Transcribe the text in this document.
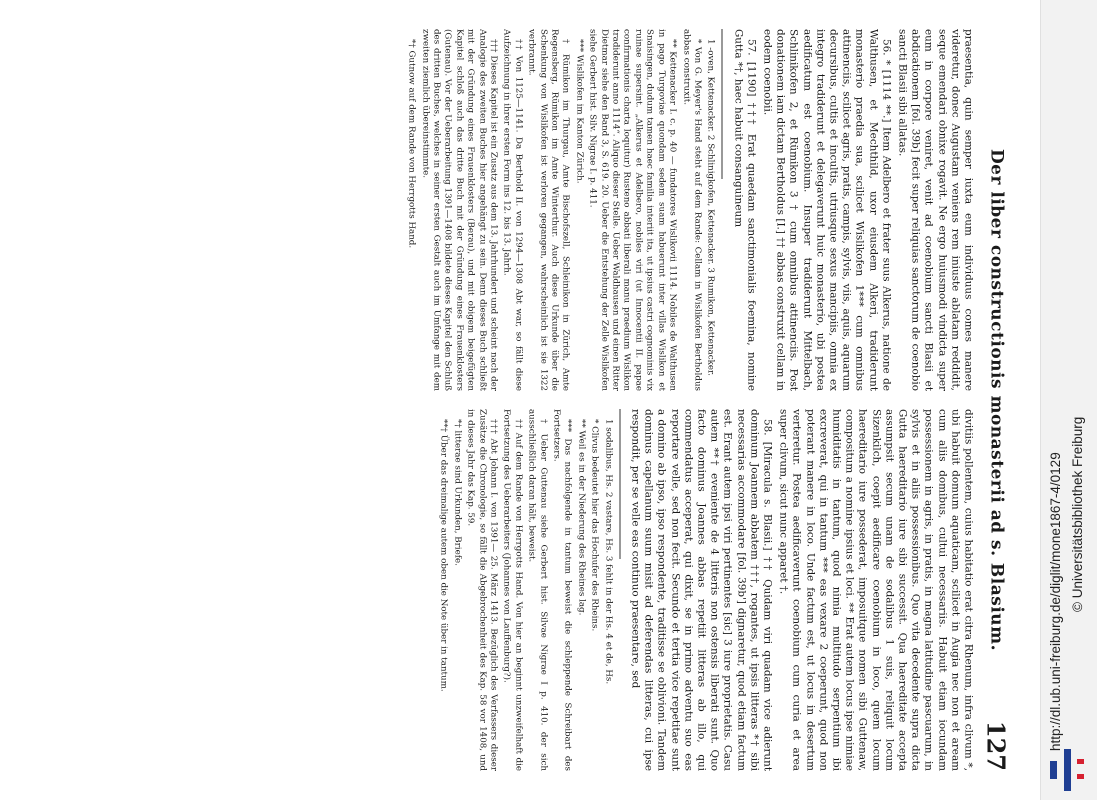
Der liber constructionis monasterii ad s. Blasium.
127

praesentia, quin semper iuxta eum individuus comes manere videretur, donec Augustam veniens rem iniuste ablatam reddidit, seque emendari obnixe rogavit. Ne ergo huiusmodi vindicta super eum in corpore veniret, venit ad coenobium sancti Blasii et abdicationem [fol. 39b] fecit super reliquias sanctorum de coenobio sancti Blasii sibi allatas.

56. * [1114 **.] Item Adelbero et frater suus Alkerus, natione de Walthusen, et Mechthild, uxor eiusdem Alkeri, tradiderunt monasterio praedia sua, scilicet Wislikofen 1*** cum omnibus attinenciis, scilicet agris, pratis, campis, sylvis, viis, aquis, aquarum decursibus, cultis et incultis, utriusque sexus mancipiis, omnia ex integro tradiderunt et delegaverunt huic monasterio, ubi postea aedificatum est coenobium. Insuper tradiderunt Mittelbach, Schlinikofen 2, et Rümikon 3 † cum omnibus attinenciis. Post donationem iam dictam Bertholdus [I.] †† abbas construxit cellam in eodem coenobii.

57. [1190] ††† Erat quaedam sanctimonialis foemina, nomine Gutta *†, haec habuit consanguineum

1 -oven, Kettenacker. 2 Schlinigkofen, Kettenacker. 3 Rumikon, Kettenacker.

* Von G. Meyer's Hand steht auf dem Rande: Cellam in Wislikofen Bertholdus abbas construxit.

** Kettenacker I. c. p. 40 — fundatores Wislikovii 1114. Nobiles de Walthusen in pago Turgoviae quondam sedem suam habuerunt inter villas Wislikon et Snaisingen, dudum tamen haec familia interiit ita, ut ipsius castri cognominis vix ruinae supersint. „Alkerus et Adelbero, nobiles viri (ut Innocentii II. papae confirmationis charta loquitur) Rusteno abbati liberali manu praedium Wislikon tradiderunt anno 1114“. Aliquo dieser Stelle. Ueber Waldhausen und einen Ritter Dietmar siehe den Band 3, S. 619. 20. Ueber die Entstehung der Zelle Wislikofen siehe Gerbert hist. Silv. Nigrae I. p. 411.

*** Wislikofen im Kanton Zürich.

† Rümikon im Thurgau, Amte Bischofszell, Schleinikon in Zürich, Amte Regensberg, Rümikon im Amte Winterthur. Auch diese Urkunde über die Schenkung von Wislikofen ist verloren gegangen, wahrscheinlich ist sie 1322 verbrannt.

†† Von 1125—1141. Da Berthold II. von 1294—1308 Abt war, so fällt diese Aufzeichnung in ihrer ersten Form ins 12. bis 13. Jahrh.

††† Dieses Kapitel ist ein Zusatz aus dem 13. Jahrhundert und scheint nach der Analogie des zweiten Buches hier angehängt zu sein. Denn dieses Buch schließt mit der Gründung eines Frauenklosters (Berau), und mit obigem beigefügten Kapitel schloß auch das dritte Buch mit der Gründung eines Frauenklosters (Gutenau). Vor der Ueberarbeitung 1391—1408 bildete dieses Kapitel den Schluß des dritten Buches, welches in seiner ersten Gestalt auch im Umfange mit dem zweiten ziemlich übereinstimmte.

*† Gutnow auf dem Rande von Herrgotts Hand.

divitiis pollentem, cuius habitatio erat citra Rhenum, infra clivum *, ubi habuit domum aquaticam, scilicet in Augia nec non et aream cum aliis domibus, cultui necessariis. Habuit etiam iocundam possessionem in agris, in pratis, in magna latitudine pascuarum, in sylvis et in aliis possessionibus. Quo vita decedente supra dicta Gutta haereditario iure sibi successit. Qua haereditate accepta assumpsit secum unam de sodalibus 1 suis, reliquit locum Sizenkilch, coepit aedificare coenobium in loco, quem locum haereditario iure possederat, imposuitque nomen sibi Guttenaw, compositum a nomine ipsius et loci. ** Erat autem locus ipse nimiae humiditatis in tantum, quod nimia multitudo serpentium ibi excreverat, qui in tantum *** eas vexare 2 coeperunt, quod non poterant manere in loco. Unde factum est, ut locus in desertum verteretur. Postea aedificaverunt coenobium cum curia et area super clivum, sicut nunc apparet †.

58. [Miracula s. Blasii.] †† Quidam viri quadam vice adierunt dominum Joannem abbatem †††, rogantes, ut ipsis litteras *† sibi necessarias accommodare [fol. 39b'] dignaretur, quod etiam factum est. Erant autem ipsi viri pertinentes [sic] 3 iure proprietatis. Casu autem **† eveniente de 4 litteris non ostensis liberati sunt. Quo facto dominus Joannes abbas repetiit litteras ab illo, qui commendatus acceperat, qui dixit, se in primo adventu suo eas reportare velle, sed non fecit. Secundo et tertia vice repetitae sunt a domino ab ipso, ipso respondente, traditisse se oblivioni. Tandem dominus capellanum suum misit ad deferendas litteras, cui ipse respondit, per se velle eas continuo praesentare, sed

1 sodalibus, Hs. 2 vastare, Hs. 3 fehlt in der Hs. 4 et de, Hs.

* Clivus bedeutet hier das Hochufer des Rheins.

** Weil es in der Niederung des Rheines lag.

*** Das nachfolgende in tantum beweist die schleppende Schreibart des Fortsetzers.

† Ueber Guttenau siehe Gerbert hist. Silvae Nigrae I p. 410. der sich ausschließlich daran hält, beweist.

†† Auf dem Rande von Herrgotts Hand. Von hier an beginnt unzweifelhaft die Fortsetzung des Ueberarbeiters (Johannes von Lauffenburg?).

††† Abt Johann I. von 1391— 25. März 1413. Bezüglich des Verfassers dieser Zusätze die Chronologie, so fällt die Abgebrochenheit des Kap. 58 vor 1408, und in dieses Jahr das Kap. 59.

*† litterae sind Urkunden, Briefe.

**† Über das dreimalige autem oben die Note über in tantum.	http://dl.ub.uni-freiburg.de/diglit/mone1867-4/0129 © Universitätsbibliothek Freiburg
